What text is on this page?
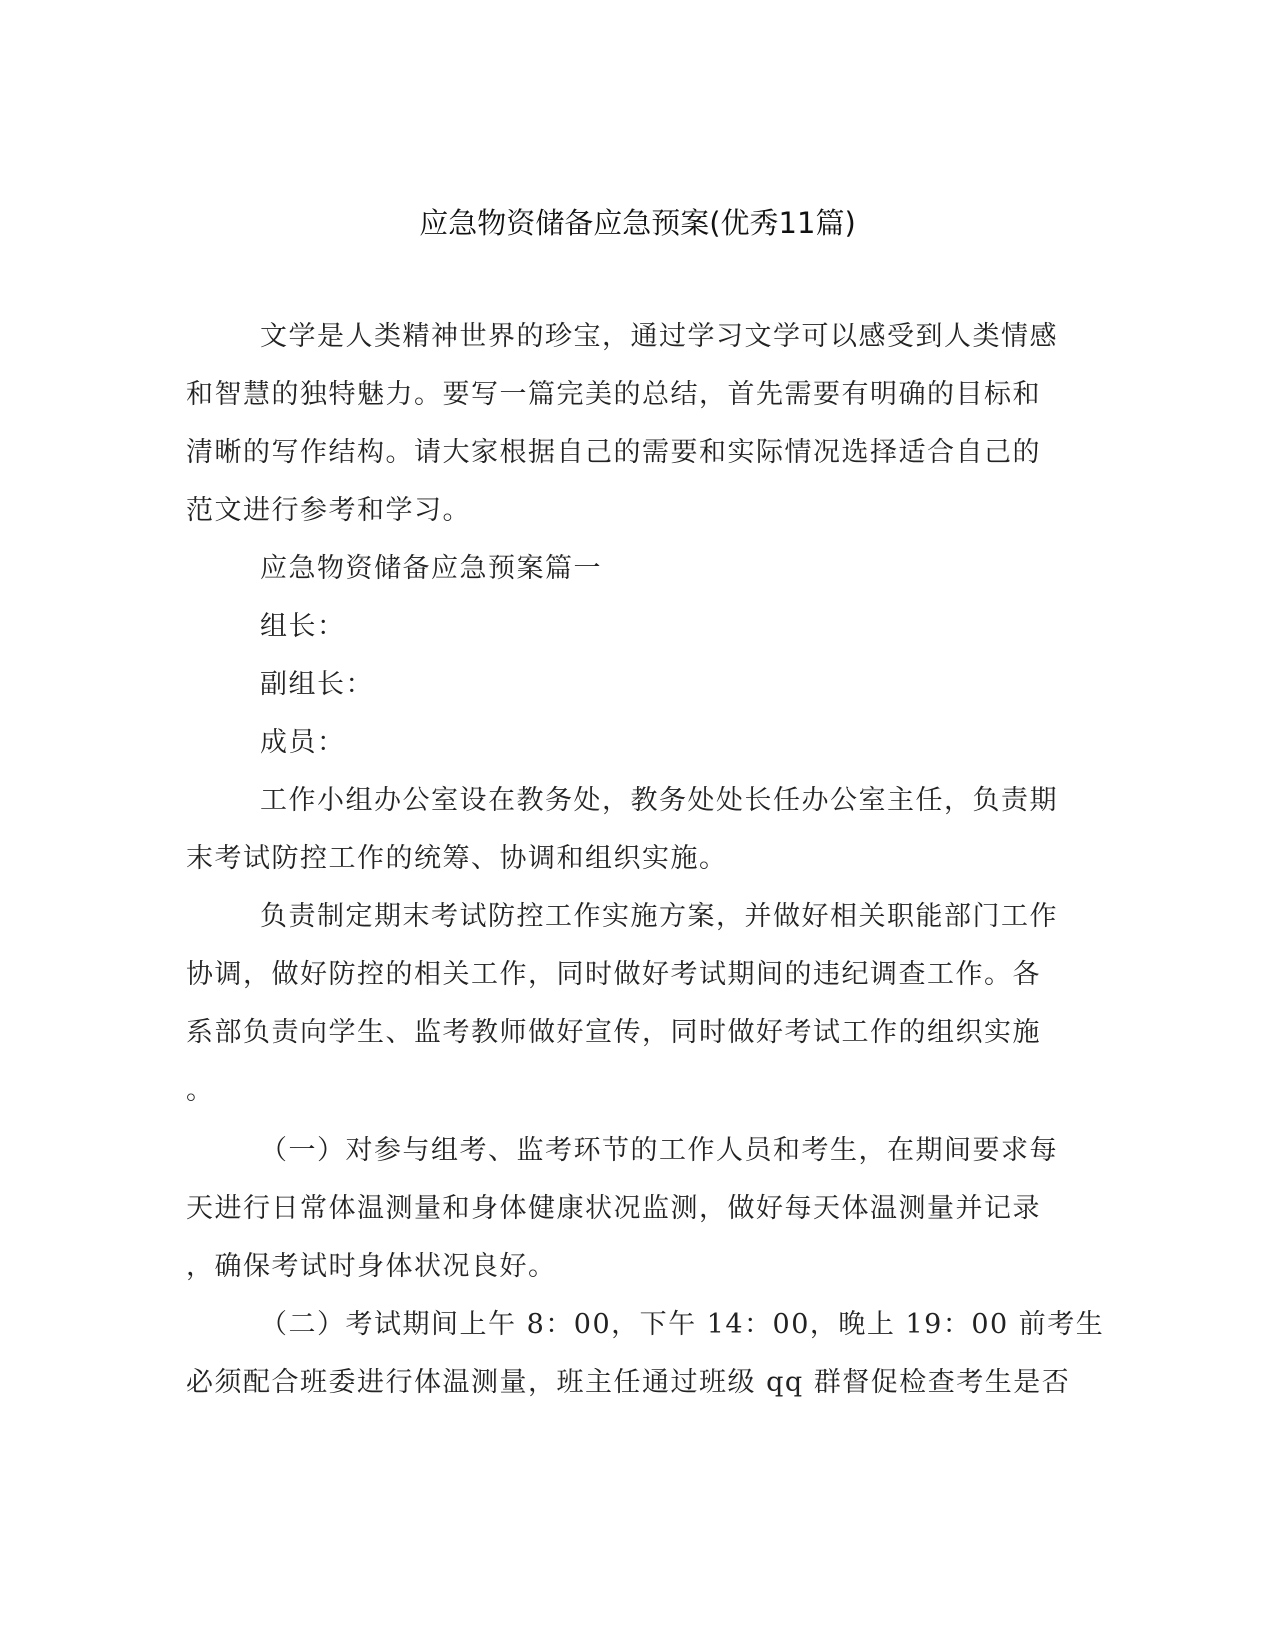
应急物资储备应急预案(优秀11篇)

文学是人类精神世界的珍宝，通过学习文学可以感受到人类情感

和智慧的独特魅力。要写一篇完美的总结，首先需要有明确的目标和

清晰的写作结构。请大家根据自己的需要和实际情况选择适合自己的

范文进行参考和学习。

应急物资储备应急预案篇一

组长：

副组长：

成员：

工作小组办公室设在教务处，教务处处长任办公室主任，负责期

末考试防控工作的统筹、协调和组织实施。

负责制定期末考试防控工作实施方案，并做好相关职能部门工作

协调，做好防控的相关工作，同时做好考试期间的违纪调查工作。各

系部负责向学生、监考教师做好宣传，同时做好考试工作的组织实施

。

（一）对参与组考、监考环节的工作人员和考生，在期间要求每

天进行日常体温测量和身体健康状况监测，做好每天体温测量并记录

，确保考试时身体状况良好。

（二）考试期间上午 8：00，下午 14：00，晚上 19：00 前考生

必须配合班委进行体温测量，班主任通过班级 qq 群督促检查考生是否
